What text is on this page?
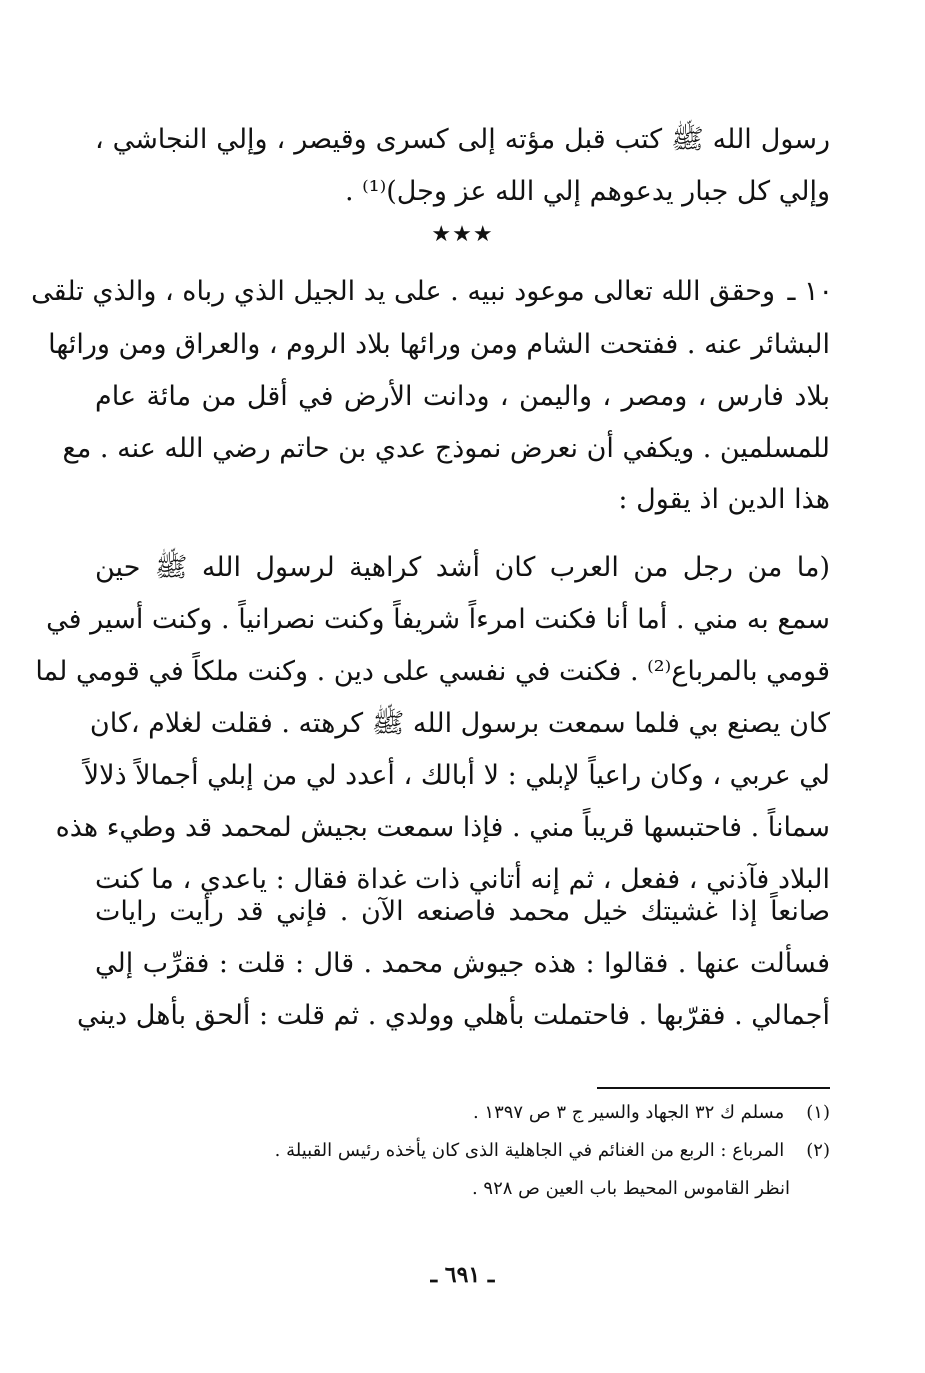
رسول الله ﷺ كتب قبل مؤته إلى كسرى وقيصر ، وإلي النجاشي ،
وإلي كل جبار يدعوهم إلي الله عز وجل)⁽¹⁾ .
★★★
١٠ ـ
وحقق الله تعالى موعود نبيه . على يد الجيل الذي رباه ، والذي تلقى
البشائر عنه . ففتحت الشام ومن ورائها بلاد الروم ، والعراق ومن ورائها
بلاد فارس ، ومصر ، واليمن ، ودانت الأرض في أقل من مائة عام
للمسلمين . ويكفي أن نعرض نموذج عدي بن حاتم رضي الله عنه . مع
هذا الدين اذ يقول :
(ما من رجل من العرب كان أشد كراهية لرسول الله ﷺ حين
سمع به مني . أما أنا فكنت امرءاً شريفاً وكنت نصرانياً . وكنت أسير في
قومي بالمرباع⁽²⁾ . فكنت في نفسي على دين . وكنت ملكاً في قومي لما
كان يصنع بي فلما سمعت برسول الله ﷺ كرهته . فقلت لغلام ،كان
لي عربي ، وكان راعياً لإبلي : لا أبالك ، أعدد لي من إبلي أجمالاً ذلالاً
سماناً . فاحتبسها قريباً مني . فإذا سمعت بجيش لمحمد قد وطيء هذه
البلاد فآذني ، ففعل ، ثم إنه أتاني ذات غداة فقال : ياعدي ، ما كنت
صانعاً إذا غشيتك خيل محمد فاصنعه الآن . فإني قد رأيت رايات
فسألت عنها . فقالوا : هذه جيوش محمد . قال : قلت : فقرِّب إلي
أجمالي . فقرّبها . فاحتملت بأهلي وولدي . ثم قلت : ألحق بأهل ديني
(١) مسلم ك ٣٢ الجهاد والسير ج ٣ ص ١٣٩٧ .
(٢) المرباع : الربع من الغنائم في الجاهلية الذى كان يأخذه رئيس القبيلة .
انظر القاموس المحيط باب العين ص ٩٢٨ .
ـ ٦٩١ ـ
